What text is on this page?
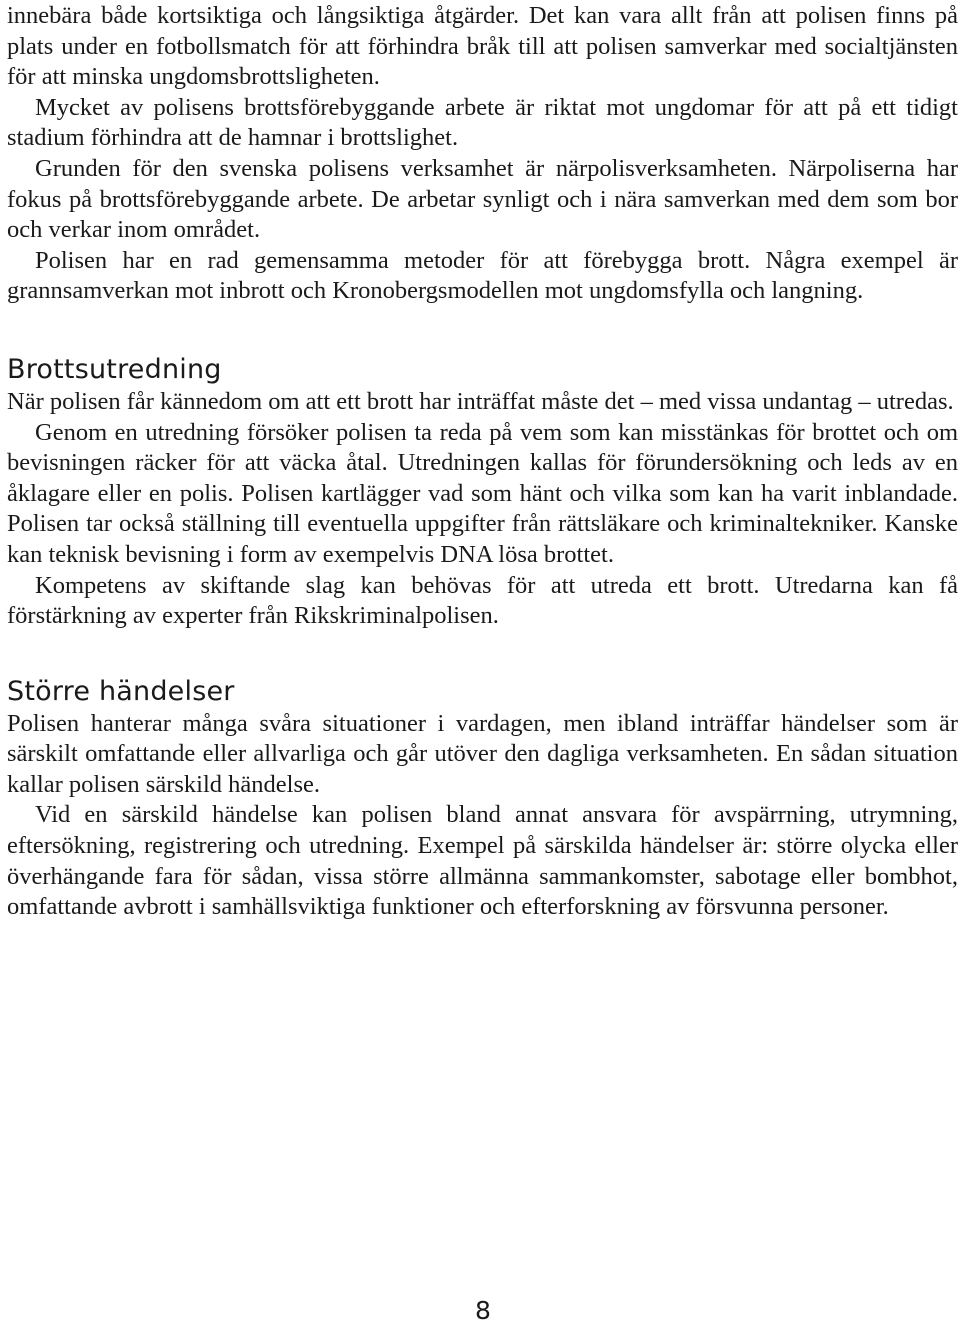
innebära både kortsiktiga och långsiktiga åtgärder. Det kan vara allt från att polisen finns på plats under en fotbollsmatch för att förhindra bråk till att polisen samverkar med socialtjänsten för att minska ungdomsbrottsligheten.

Mycket av polisens brottsförebyggande arbete är riktat mot ungdomar för att på ett tidigt stadium förhindra att de hamnar i brottslighet.

Grunden för den svenska polisens verksamhet är närpolisverksamheten. Närpoliserna har fokus på brottsförebyggande arbete. De arbetar synligt och i nära samverkan med dem som bor och verkar inom området.

Polisen har en rad gemensamma metoder för att förebygga brott. Några exempel är grannsamverkan mot inbrott och Kronobergsmodellen mot ungdomsfylla och langning.

Brottsutredning

När polisen får kännedom om att ett brott har inträffat måste det – med vissa undantag – utredas.

Genom en utredning försöker polisen ta reda på vem som kan misstänkas för brottet och om bevisningen räcker för att väcka åtal. Utredningen kallas för förundersökning och leds av en åklagare eller en polis. Polisen kartlägger vad som hänt och vilka som kan ha varit inblandade. Polisen tar också ställning till eventuella uppgifter från rättsläkare och kriminaltekniker. Kanske kan teknisk bevisning i form av exempelvis DNA lösa brottet.

Kompetens av skiftande slag kan behövas för att utreda ett brott. Utredarna kan få förstärkning av experter från Rikskriminalpolisen.

Större händelser

Polisen hanterar många svåra situationer i vardagen, men ibland inträffar händelser som är särskilt omfattande eller allvarliga och går utöver den dagliga verksamheten. En sådan situation kallar polisen särskild händelse.

Vid en särskild händelse kan polisen bland annat ansvara för avspärrning, utrymning, eftersökning, registrering och utredning. Exempel på särskilda händelser är: större olycka eller överhängande fara för sådan, vissa större allmänna sammankomster, sabotage eller bombhot, omfattande avbrott i samhällsviktiga funktioner och efterforskning av försvunna personer.

8
